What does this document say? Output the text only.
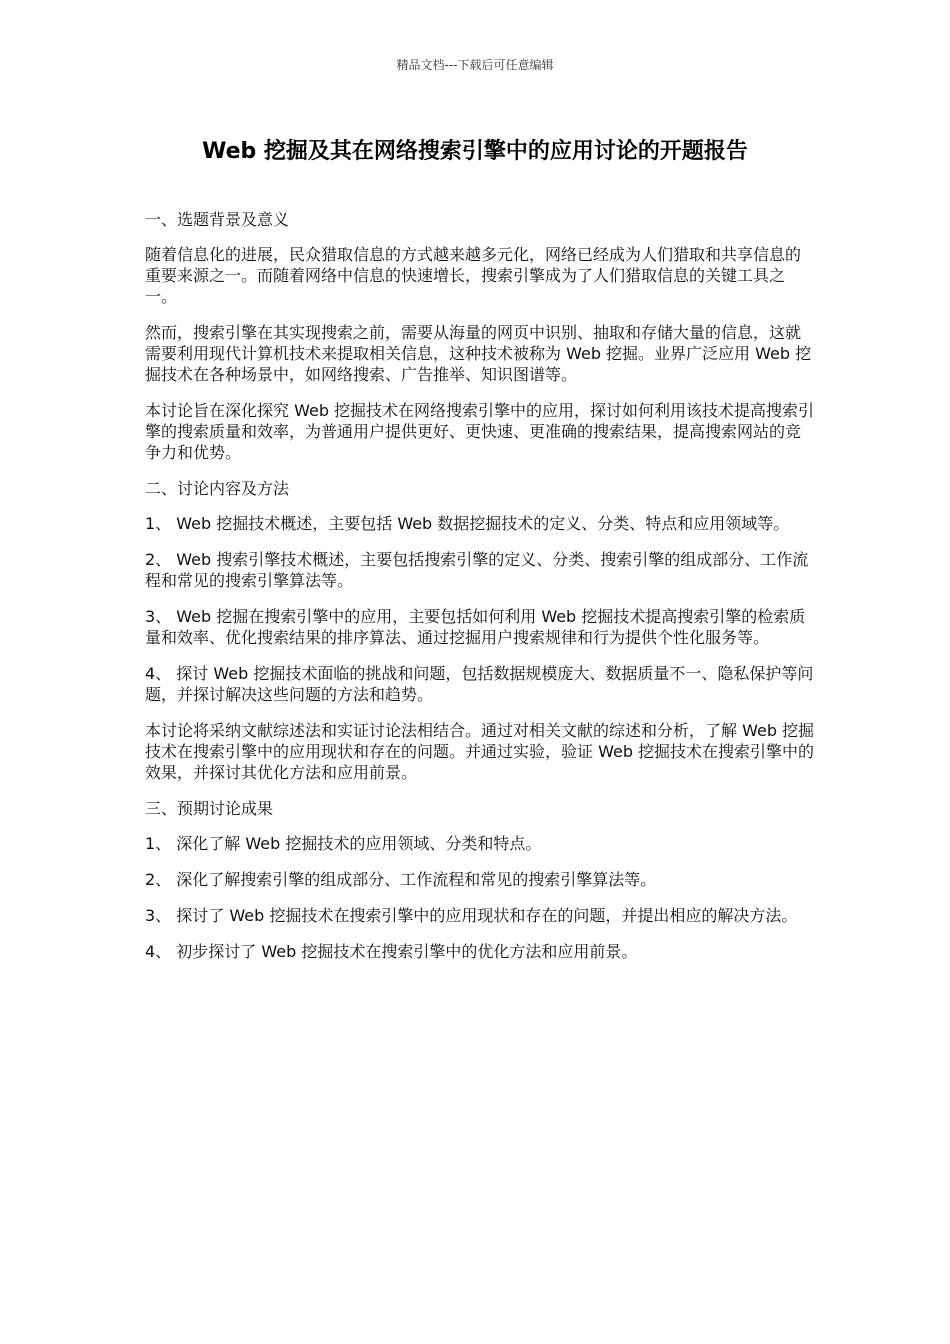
精品文档---下载后可任意编辑
Web 挖掘及其在网络搜索引擎中的应用讨论的开题报告

一、选题背景及意义

随着信息化的进展，民众猎取信息的方式越来越多元化，网络已经成为人们猎取和共享信息的重要来源之一。而随着网络中信息的快速增长，搜索引擎成为了人们猎取信息的关键工具之一。

然而，搜索引擎在其实现搜索之前，需要从海量的网页中识别、抽取和存储大量的信息，这就需要利用现代计算机技术来提取相关信息，这种技术被称为 Web 挖掘。业界广泛应用 Web 挖掘技术在各种场景中，如网络搜索、广告推举、知识图谱等。

本讨论旨在深化探究 Web 挖掘技术在网络搜索引擎中的应用，探讨如何利用该技术提高搜索引擎的搜索质量和效率，为普通用户提供更好、更快速、更准确的搜索结果，提高搜索网站的竞争力和优势。

二、讨论内容及方法

1、 Web 挖掘技术概述，主要包括 Web 数据挖掘技术的定义、分类、特点和应用领域等。

2、 Web 搜索引擎技术概述，主要包括搜索引擎的定义、分类、搜索引擎的组成部分、工作流程和常见的搜索引擎算法等。

3、 Web 挖掘在搜索引擎中的应用，主要包括如何利用 Web 挖掘技术提高搜索引擎的检索质量和效率、优化搜索结果的排序算法、通过挖掘用户搜索规律和行为提供个性化服务等。

4、 探讨 Web 挖掘技术面临的挑战和问题，包括数据规模庞大、数据质量不一、隐私保护等问题，并探讨解决这些问题的方法和趋势。

本讨论将采纳文献综述法和实证讨论法相结合。通过对相关文献的综述和分析，了解 Web 挖掘技术在搜索引擎中的应用现状和存在的问题。并通过实验，验证 Web 挖掘技术在搜索引擎中的效果，并探讨其优化方法和应用前景。

三、预期讨论成果

1、 深化了解 Web 挖掘技术的应用领域、分类和特点。

2、 深化了解搜索引擎的组成部分、工作流程和常见的搜索引擎算法等。

3、 探讨了 Web 挖掘技术在搜索引擎中的应用现状和存在的问题，并提出相应的解决方法。

4、 初步探讨了 Web 挖掘技术在搜索引擎中的优化方法和应用前景。
